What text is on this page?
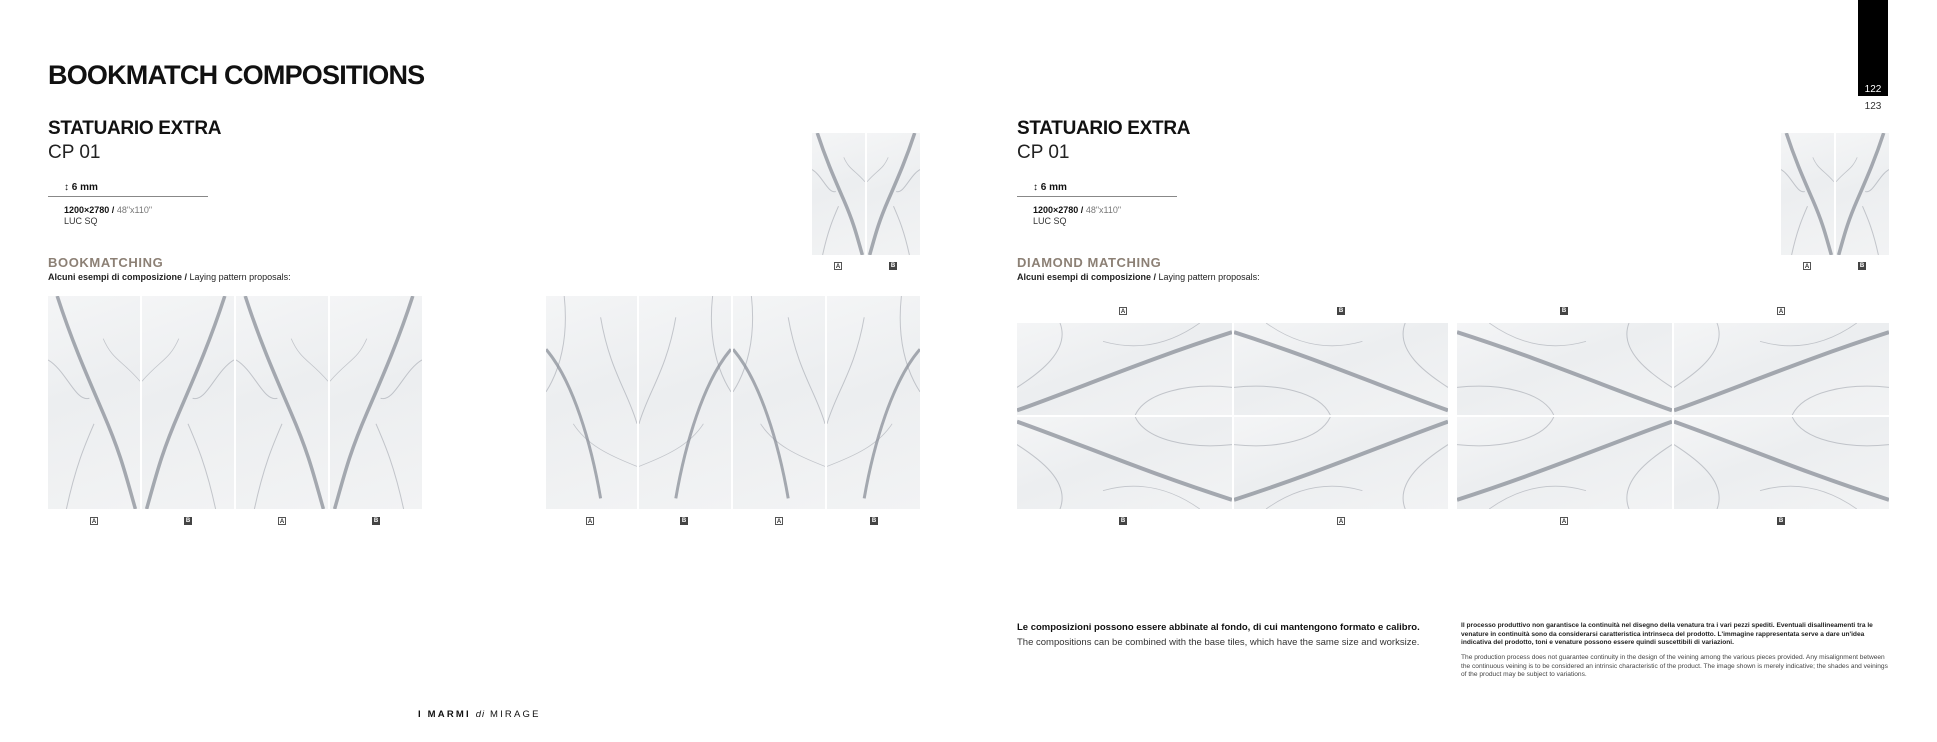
122
123
BOOKMATCH COMPOSITIONS
STATUARIO EXTRA
CP 01
↕ 6 mm
1200×2780 / 48"x110"
LUC SQ
BOOKMATCHING
Alcuni esempi di composizione / Laying pattern proposals:
A	B
A	B	A	B	A	B	A	B
STATUARIO EXTRA
CP 01
↕ 6 mm
1200×2780 / 48"x110"
LUC SQ
DIAMOND MATCHING
Alcuni esempi di composizione / Laying pattern proposals:
A	B
A	B
B	A
B	A
A	B
Le composizioni possono essere abbinate al fondo, di cui mantengono formato e calibro.
The compositions can be combined with the base tiles, which have the same size and worksize.
Il processo produttivo non garantisce la continuità nel disegno della venatura tra i vari pezzi spediti. Eventuali disallineamenti tra le venature in continuità sono da considerarsi caratteristica intrinseca del prodotto. L'immagine rappresentata serve a dare un'idea indicativa del prodotto, toni e venature possono essere quindi suscettibili di variazioni.
The production process does not guarantee continuity in the design of the veining among the various pieces provided. Any misalignment between the continuous veining is to be considered an intrinsic characteristic of the product. The image shown is merely indicative; the shades and veinings of the product may be subject to variations.
I MARMI di MIRAGE
